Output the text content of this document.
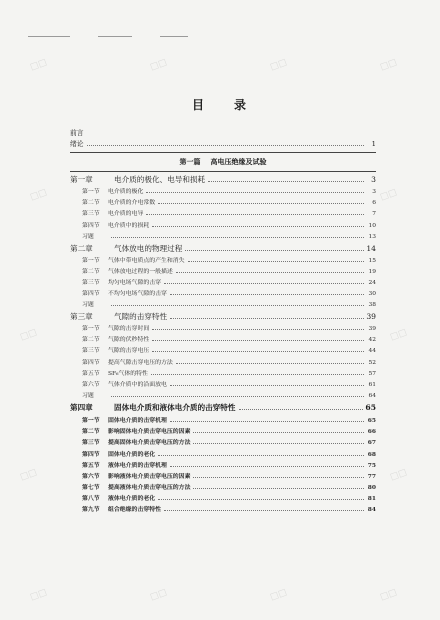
目 录
前言
绪论	1
第一篇 高电压绝缘及试验
第一章	电介质的极化、电导和损耗	3
第一节 电介质的极化	3
第二节 电介质的介电常数	6
第三节 电介质的电导	7
第四节 电介质中的损耗	10
习题	13
第二章	气体放电的物理过程	14
第一节 气体中带电质点的产生和消失	15
第二节 气体放电过程的一般描述	19
第三节 均匀电场气隙的击穿	24
第四节 不均匀电场气隙的击穿	30
习题	38
第三章	气隙的击穿特性	39
第一节 气隙的击穿时间	39
第二节 气隙的伏秒特性	42
第三节 气隙的击穿电压	44
第四节 提高气隙击穿电压的方法	52
第五节 SF₆气体的特性	57
第六节 气体介质中的沿面放电	61
习题	64
第四章	固体电介质和液体电介质的击穿特性	65
第一节 固体电介质的击穿机理	65
第二节 影响固体电介质击穿电压的因素	66
第三节 提高固体电介质击穿电压的方法	67
第四节 固体电介质的老化	68
第五节 液体电介质的击穿机理	75
第六节 影响液体电介质击穿电压的因素	77
第七节 提高液体电介质击穿电压的方法	80
第八节 液体电介质的老化	81
第九节 组合绝缘的击穿特性	84
□□	□□	□□	□□
□□	□□
□□	□□
□□	□□
□□	□□	□□	□□
